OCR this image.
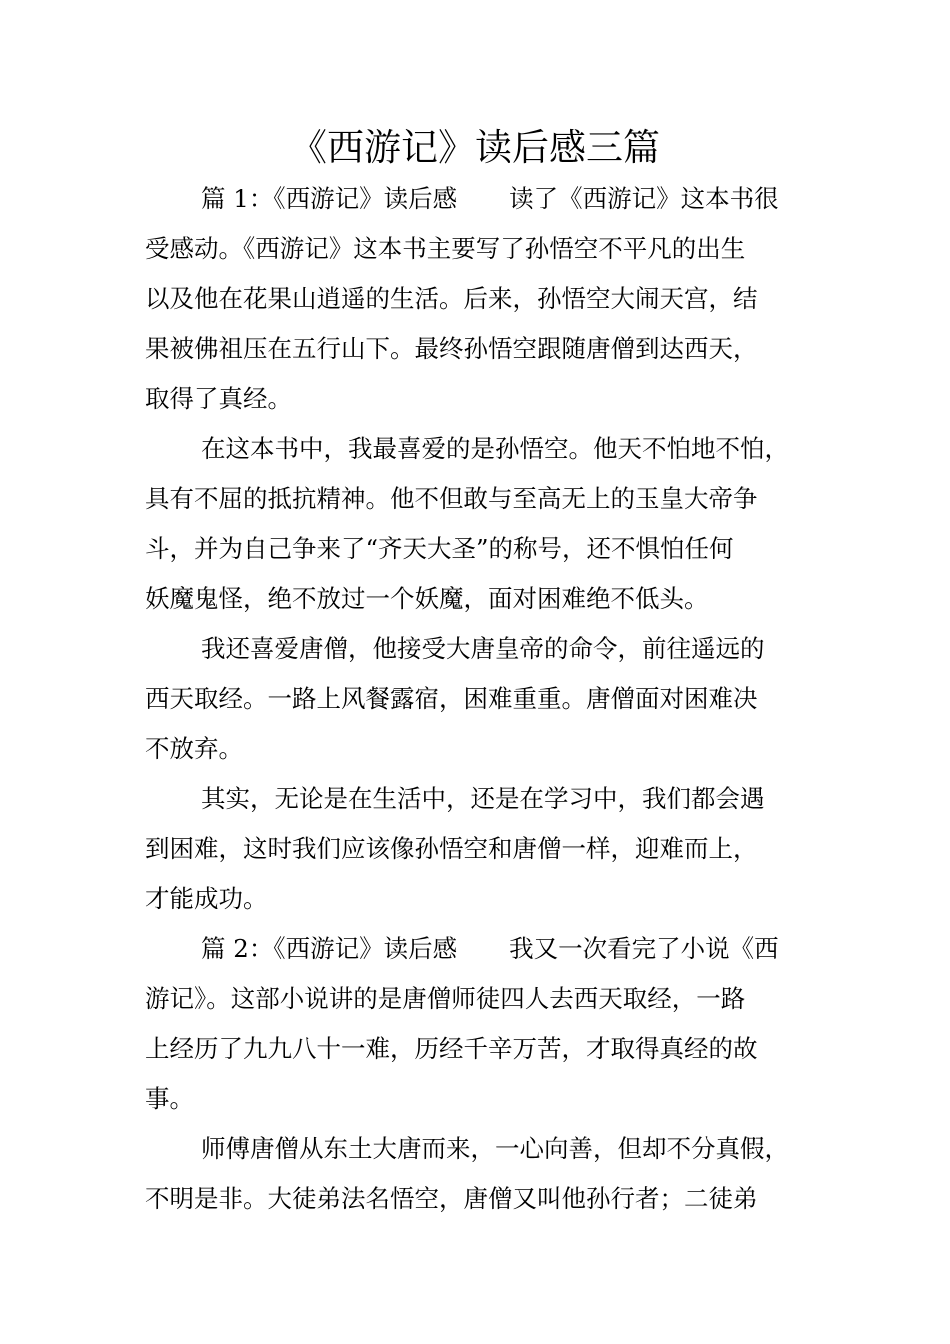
《西游记》读后感三篇
篇 1：《西游记》读后感 读了《西游记》这本书很
受感动。《西游记》这本书主要写了孙悟空不平凡的出生
以及他在花果山逍遥的生活。后来，孙悟空大闹天宫，结
果被佛祖压在五行山下。最终孙悟空跟随唐僧到达西天，
取得了真经。
在这本书中，我最喜爱的是孙悟空。他天不怕地不怕，
具有不屈的抵抗精神。他不但敢与至高无上的玉皇大帝争
斗，并为自己争来了“齐天大圣”的称号，还不惧怕任何
妖魔鬼怪，绝不放过一个妖魔，面对困难绝不低头。
我还喜爱唐僧，他接受大唐皇帝的命令，前往遥远的
西天取经。一路上风餐露宿，困难重重。唐僧面对困难决
不放弃。
其实，无论是在生活中，还是在学习中，我们都会遇
到困难，这时我们应该像孙悟空和唐僧一样，迎难而上，
才能成功。
篇 2：《西游记》读后感 我又一次看完了小说《西
游记》。这部小说讲的是唐僧师徒四人去西天取经，一路
上经历了九九八十一难，历经千辛万苦，才取得真经的故
事。
师傅唐僧从东土大唐而来，一心向善，但却不分真假，
不明是非。大徒弟法名悟空，唐僧又叫他孙行者；二徒弟
